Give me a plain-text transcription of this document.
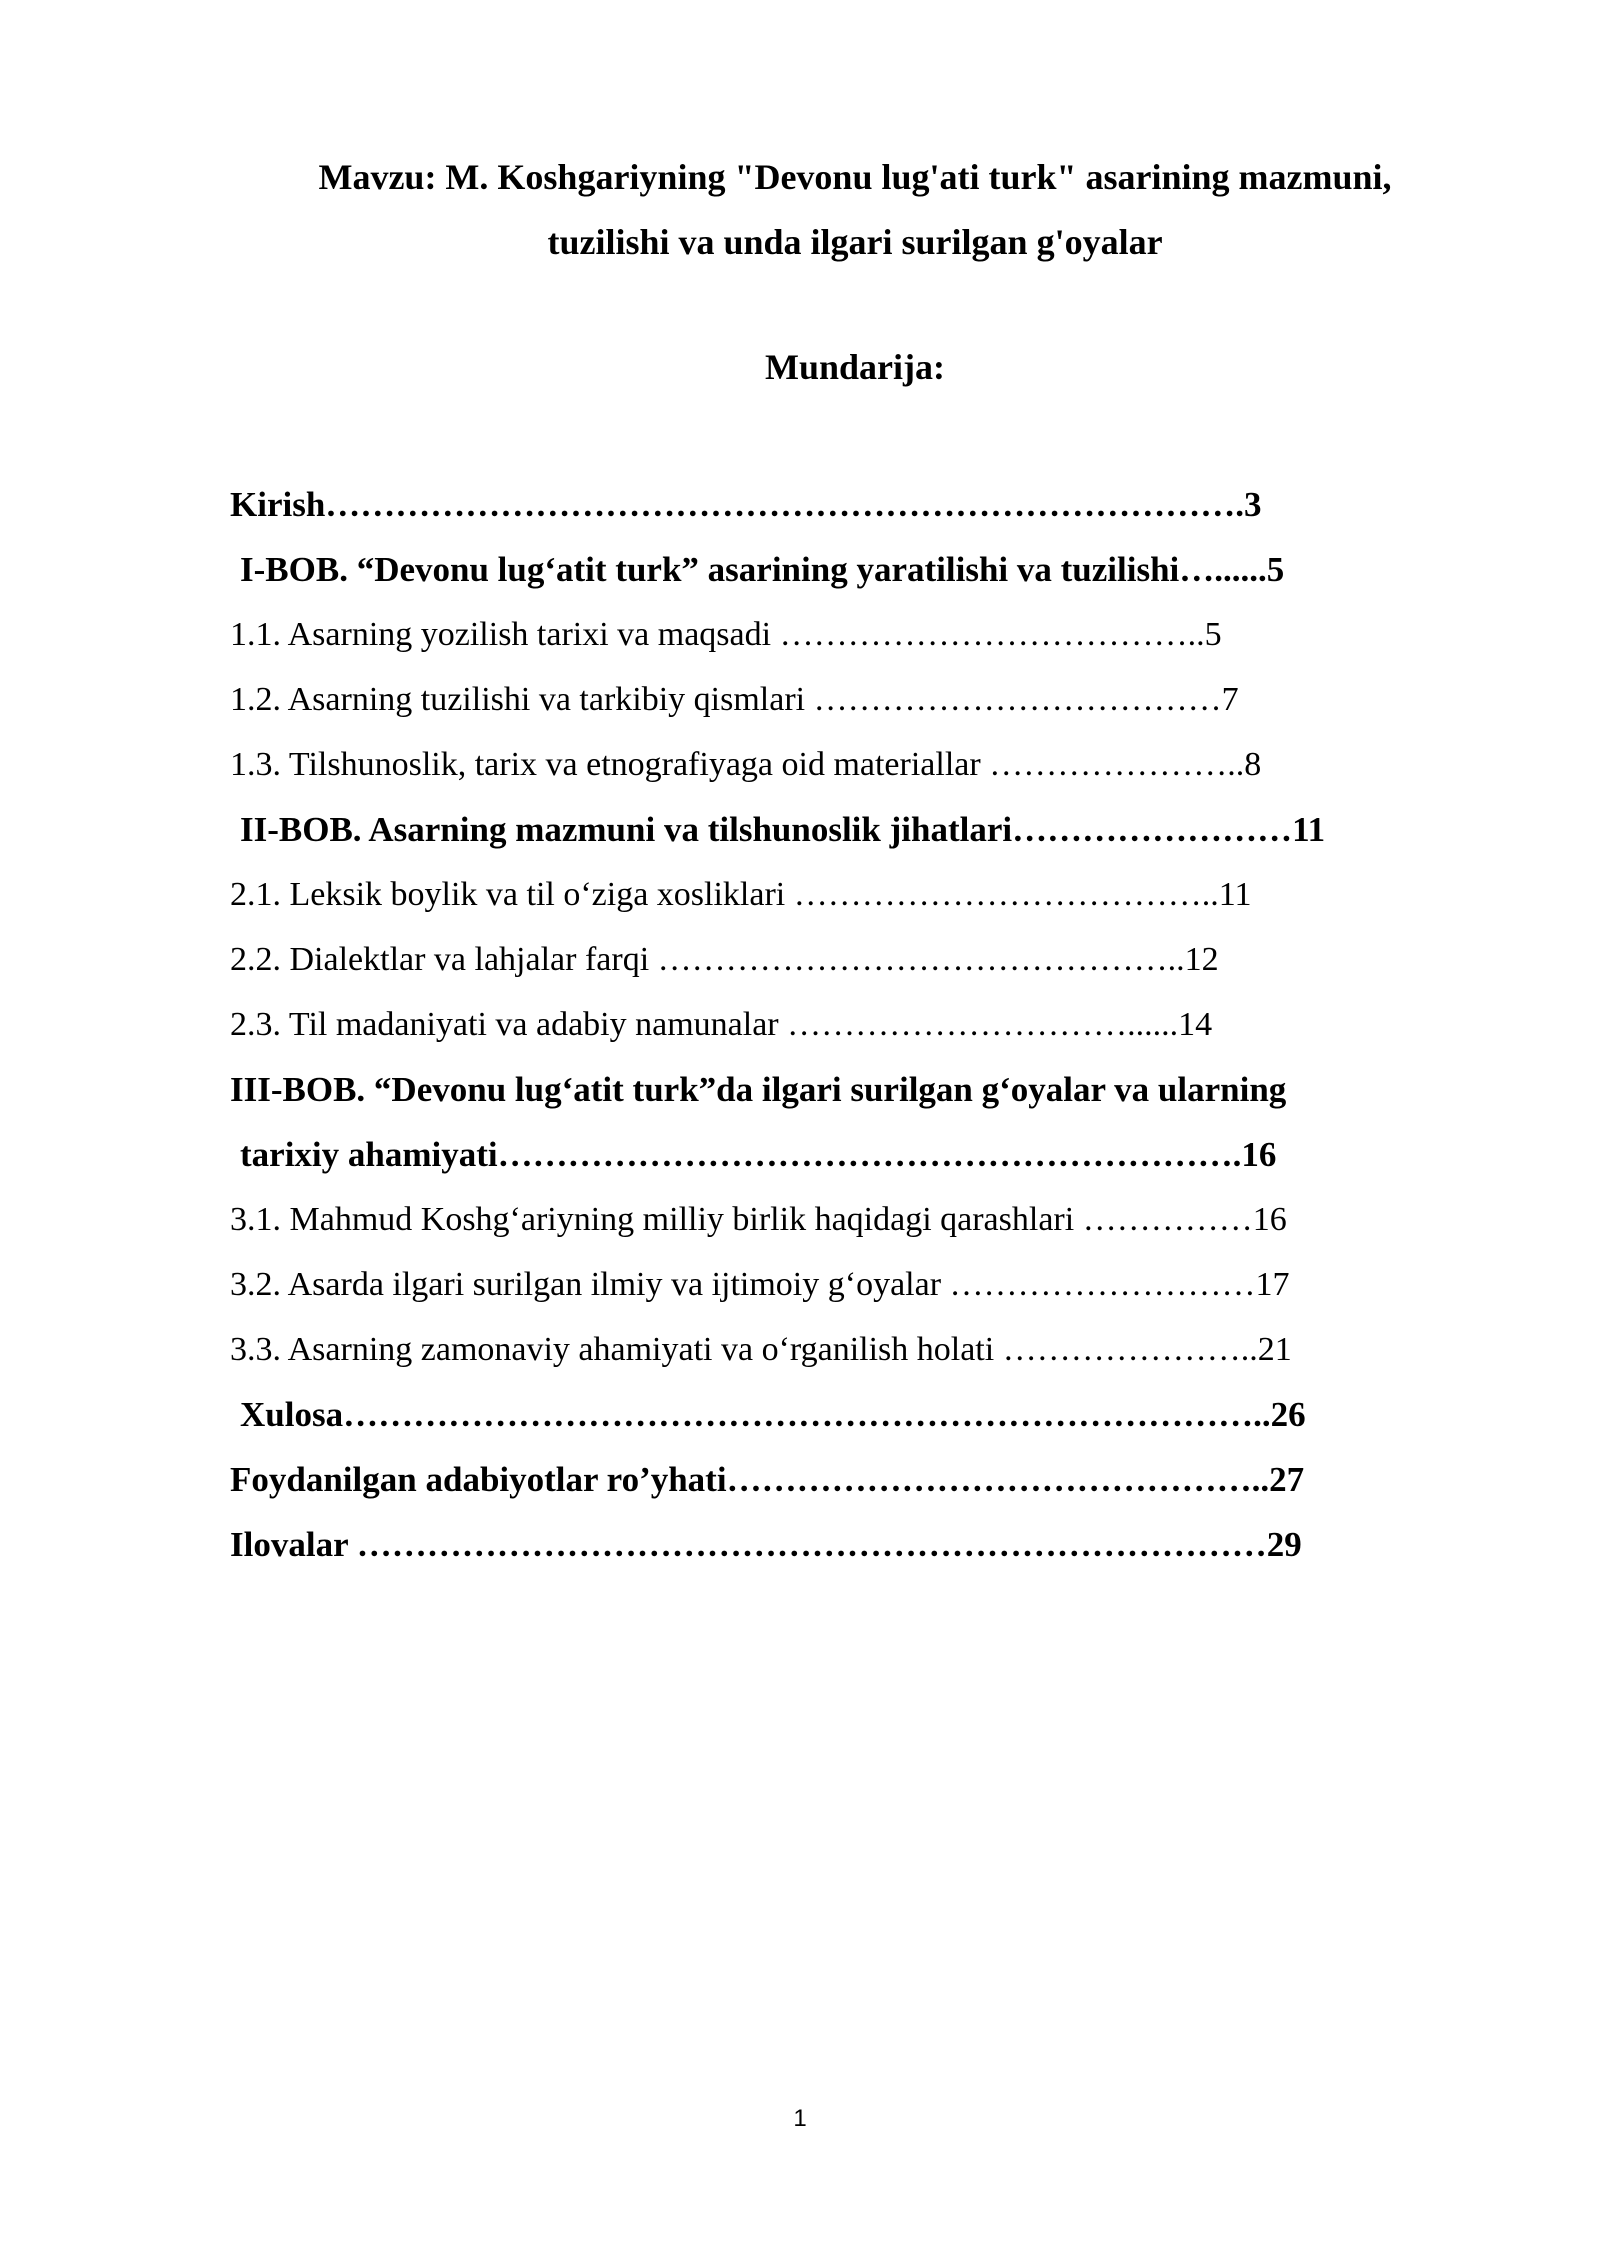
Mavzu: M. Koshgariyning "Devonu lug'ati turk" asarining mazmuni,
tuzilishi va unda ilgari surilgan g'oyalar
Mundarija:
Kirish…………………………………………………………………….3
I-BOB. “Devonu lug‘atit turk” asarining yaratilishi va tuzilishi…......5
1.1. Asarning yozilish tarixi va maqsadi ………………………………..5
1.2. Asarning tuzilishi va tarkibiy qismlari ………………………………7
1.3. Tilshunoslik, tarix va etnografiyaga oid materiallar …………………..8
II-BOB. Asarning mazmuni va tilshunoslik jihatlari……………………11
2.1. Leksik boylik va til o‘ziga xosliklari ………………………………..11
2.2. Dialektlar va lahjalar farqi ………………………………………..12
2.3. Til madaniyati va adabiy namunalar …………………………......14
III-BOB. “Devonu lug‘atit turk”da ilgari surilgan g‘oyalar va ularning
tarixiy ahamiyati……………………………………………………….16
3.1. Mahmud Koshg‘ariyning milliy birlik haqidagi qarashlari ……………16
3.2. Asarda ilgari surilgan ilmiy va ijtimoiy g‘oyalar ………………………17
3.3. Asarning zamonaviy ahamiyati va o‘rganilish holati …………………..21
Xulosa……………………………………………………………………..26
Foydanilgan adabiyotlar ro’yhati………………………………………..27
Ilovalar ……………………………………………………………………29
1
